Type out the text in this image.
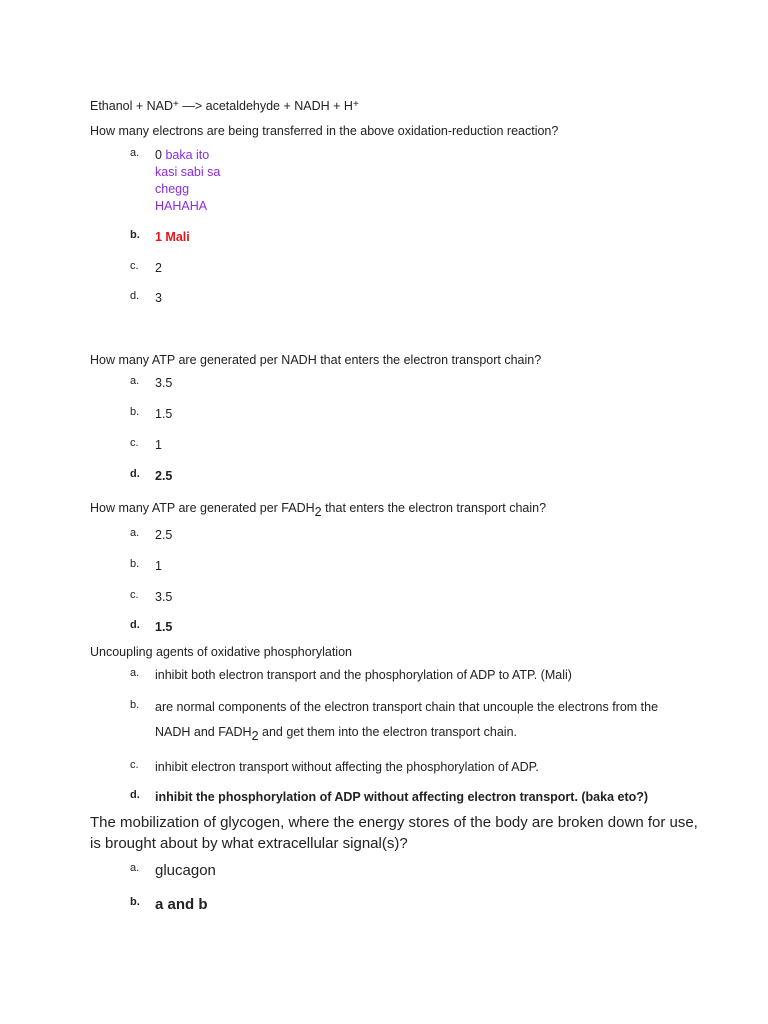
Ethanol + NAD+ —> acetaldehyde + NADH + H+
How many electrons are being transferred in the above oxidation-reduction reaction?
a. 0 baka ito
kasi sabi sa
chegg
HAHAHA
b. 1 Mali
c. 2
d. 3
How many ATP are generated per NADH that enters the electron transport chain?
a. 3.5
b. 1.5
c. 1
d. 2.5
How many ATP are generated per FADH2 that enters the electron transport chain?
a. 2.5
b. 1
c. 3.5
d. 1.5
Uncoupling agents of oxidative phosphorylation
a. inhibit both electron transport and the phosphorylation of ADP to ATP. (Mali)
b. are normal components of the electron transport chain that uncouple the electrons from the
NADH and FADH2 and get them into the electron transport chain.
c. inhibit electron transport without affecting the phosphorylation of ADP.
d. inhibit the phosphorylation of ADP without affecting electron transport. (baka eto?)
The mobilization of glycogen, where the energy stores of the body are broken down for use, is brought about by what extracellular signal(s)?
a. glucagon
b. a and b
